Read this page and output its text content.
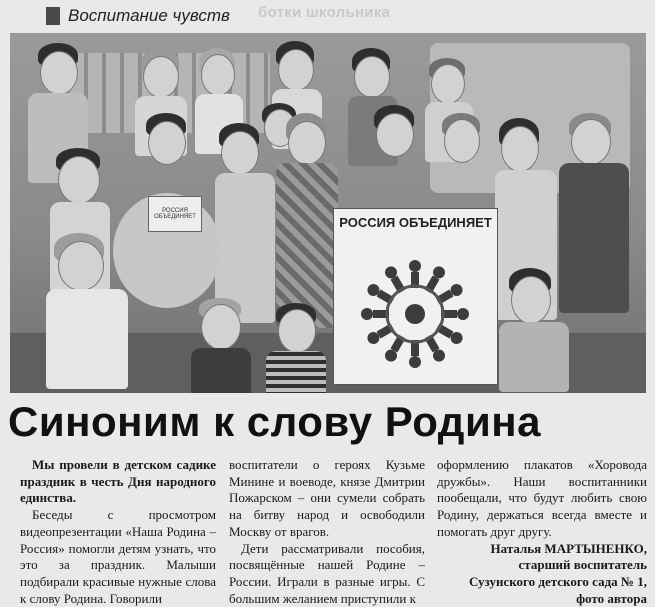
Воспитание чувств ботки школьника
РОССИЯ ОБЪЕДИНЯЕТ	РОССИЯ ОБЪЕДИНЯЕТ
Синоним к слову Родина

Мы провели в детском садике праздник в честь Дня народного единства.

Беседы с просмотром видеопрезентации «Наша Родина – Россия» помогли детям узнать, что это за праздник. Малыши подбирали красивые нужные слова к слову Родина. Говорили

воспитатели о героях Кузьме Минине и воеводе, князе Дмитрии Пожарском – они сумели собрать на битву народ и освободили Москву от врагов.

Дети рассматривали пособия, посвящённые нашей Родине – России. Играли в разные игры. С большим желанием приступили к

оформлению плакатов «Хоровода дружбы». Наши воспитанники пообещали, что будут любить свою Родину, держаться всегда вместе и помогать друг другу.

Наталья МАРТЫНЕНКО,

старший воспитатель

Сузунского детского сада № 1,

фото автора
